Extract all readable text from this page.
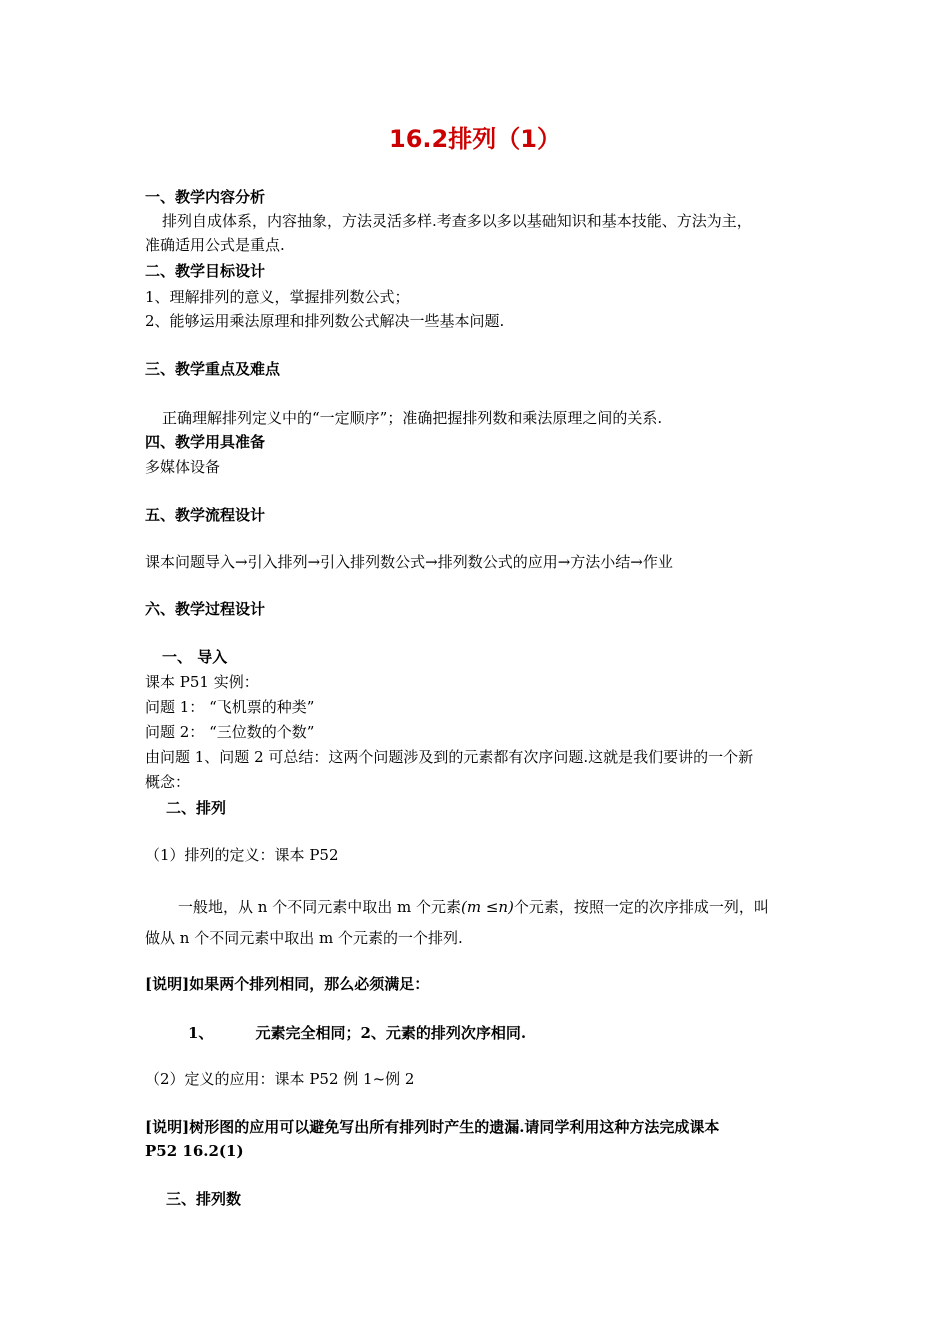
16.2排列（1）
一、教学内容分析
排列自成体系，内容抽象，方法灵活多样.考查多以多以基础知识和基本技能、方法为主，
准确适用公式是重点.
二、教学目标设计
1、理解排列的意义，掌握排列数公式；
2、能够运用乘法原理和排列数公式解决一些基本问题.
三、教学重点及难点
正确理解排列定义中的“一定顺序”；准确把握排列数和乘法原理之间的关系.
四、教学用具准备
多媒体设备
五、教学流程设计
课本问题导入→引入排列→引入排列数公式→排列数公式的应用→方法小结→作业
六、教学过程设计
一、 导入
课本 P51 实例：
问题 1： “飞机票的种类”
问题 2： “三位数的个数”
由问题 1、问题 2 可总结：这两个问题涉及到的元素都有次序问题.这就是我们要讲的一个新
概念：
二、排列
（1）排列的定义：课本 P52
一般地，从 n 个不同元素中取出 m 个元素(m ≤n)个元素，按照一定的次序排成一列，叫
做从 n 个不同元素中取出 m 个元素的一个排列.
[说明]如果两个排列相同，那么必须满足：
1、	元素完全相同；2、元素的排列次序相同.
（2）定义的应用：课本 P52 例 1~例 2
[说明]树形图的应用可以避免写出所有排列时产生的遗漏.请同学利用这种方法完成课本
P52 16.2(1)
三、排列数
